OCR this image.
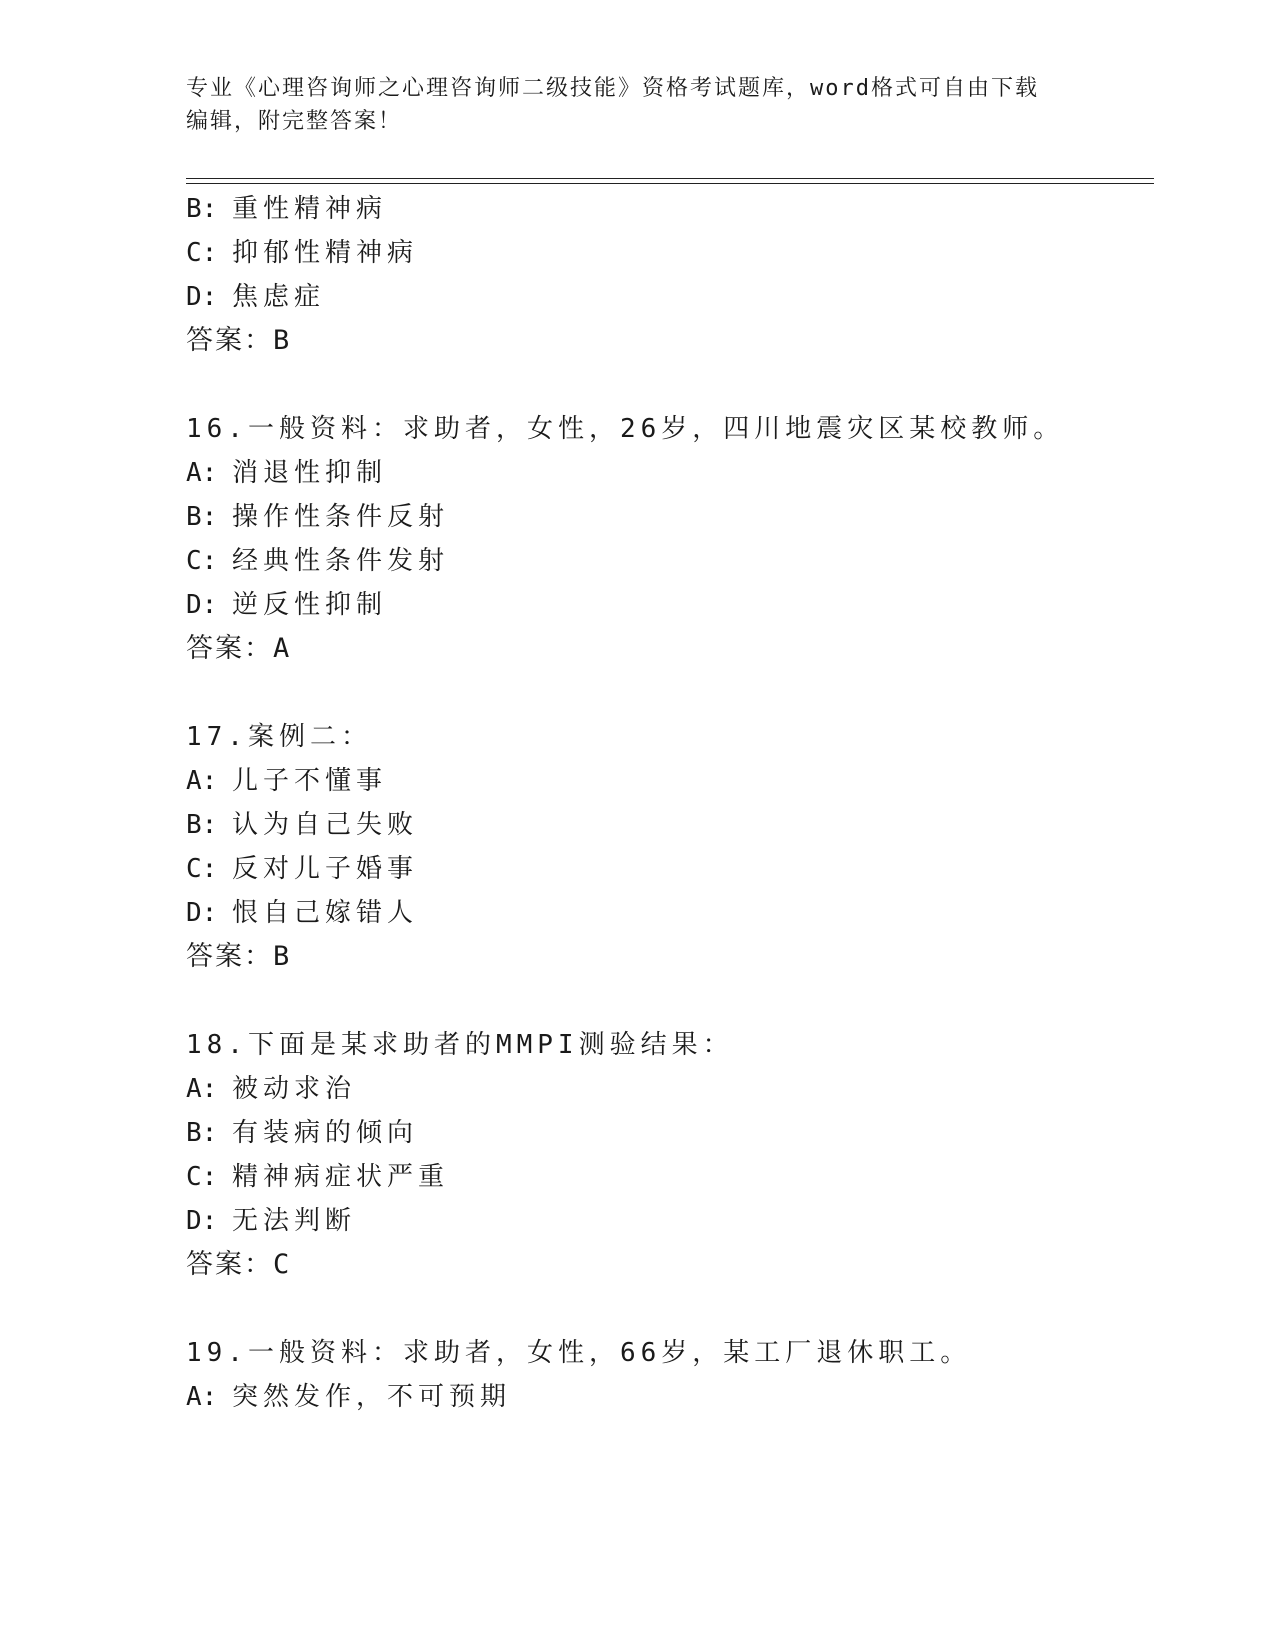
专业《心理咨询师之心理咨询师二级技能》资格考试题库，word格式可自由下载
编辑，附完整答案！
B: 重性精神病
C: 抑郁性精神病
D: 焦虑症
答案：B
16.一般资料：求助者，女性，26岁，四川地震灾区某校教师。
A: 消退性抑制
B: 操作性条件反射
C: 经典性条件发射
D: 逆反性抑制
答案：A
17.案例二：
A: 儿子不懂事
B: 认为自己失败
C: 反对儿子婚事
D: 恨自己嫁错人
答案：B
18.下面是某求助者的MMPI测验结果：
A: 被动求治
B: 有装病的倾向
C: 精神病症状严重
D: 无法判断
答案：C
19.一般资料：求助者，女性，66岁，某工厂退休职工。
A: 突然发作，不可预期
